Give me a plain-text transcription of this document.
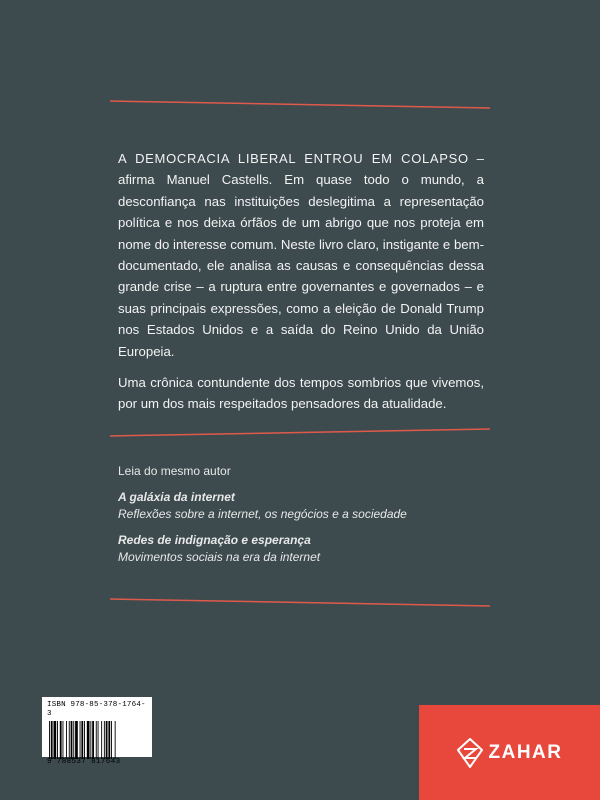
A DEMOCRACIA LIBERAL ENTROU EM COLAPSO – afirma Manuel Castells. Em quase todo o mundo, a desconfiança nas instituições deslegitima a representação política e nos deixa órfãos de um abrigo que nos proteja em nome do interesse comum. Neste livro claro, instigante e bem-documentado, ele analisa as causas e consequências dessa grande crise – a ruptura entre governantes e governados – e suas principais expressões, como a eleição de Donald Trump nos Estados Unidos e a saída do Reino Unido da União Europeia.

Uma crônica contundente dos tempos sombrios que vivemos, por um dos mais respeitados pensadores da atualidade.

Leia do mesmo autor
A galáxia da internet
Reflexões sobre a internet, os negócios e a sociedade
Redes de indignação e esperança
Movimentos sociais na era da internet
ISBN 978-85-378-1764-3
9 788537 817643	ZAHAR
